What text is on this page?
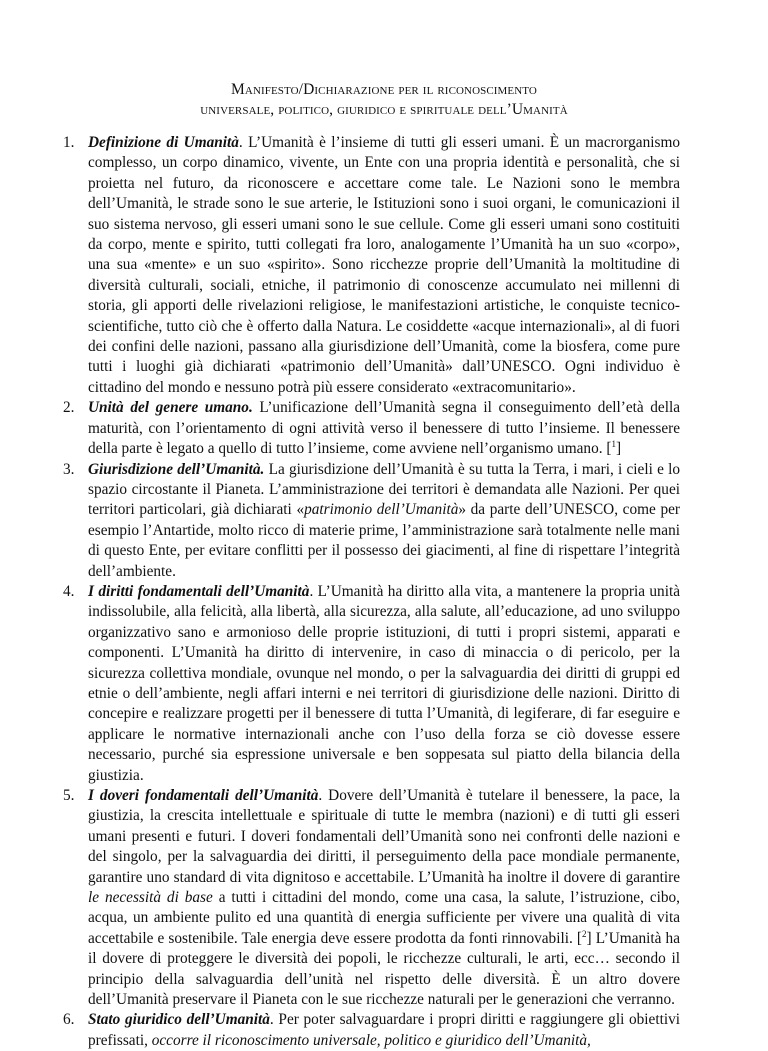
Manifesto/Dichiarazione per il riconoscimento
universale, politico, giuridico e spirituale dell’Umanità
1. Definizione di Umanità. L’Umanità è l’insieme di tutti gli esseri umani. È un macrorganismo complesso, un corpo dinamico, vivente, un Ente con una propria identità e personalità, che si proietta nel futuro, da riconoscere e accettare come tale. Le Nazioni sono le membra dell’Umanità, le strade sono le sue arterie, le Istituzioni sono i suoi organi, le comunicazioni il suo sistema nervoso, gli esseri umani sono le sue cellule. Come gli esseri umani sono costituiti da corpo, mente e spirito, tutti collegati fra loro, analogamente l’Umanità ha un suo «corpo», una sua «mente» e un suo «spirito». Sono ricchezze proprie dell’Umanità la moltitudine di diversità culturali, sociali, etniche, il patrimonio di conoscenze accumulato nei millenni di storia, gli apporti delle rivelazioni religiose, le manifestazioni artistiche, le conquiste tecnico-scientifiche, tutto ciò che è offerto dalla Natura. Le cosiddette «acque internazionali», al di fuori dei confini delle nazioni, passano alla giurisdizione dell’Umanità, come la biosfera, come pure tutti i luoghi già dichiarati «patrimonio dell’Umanità» dall’UNESCO. Ogni individuo è cittadino del mondo e nessuno potrà più essere considerato «extracomunitario».
2. Unità del genere umano. L’unificazione dell’Umanità segna il conseguimento dell’età della maturità, con l’orientamento di ogni attività verso il benessere di tutto l’insieme. Il benessere della parte è legato a quello di tutto l’insieme, come avviene nell’organismo umano. [$^1$]
3. Giurisdizione dell’Umanità. La giurisdizione dell’Umanità è su tutta la Terra, i mari, i cieli e lo spazio circostante il Pianeta. L’amministrazione dei territori è demandata alle Nazioni. Per quei territori particolari, già dichiarati «patrimonio dell’Umanità» da parte dell’UNESCO, come per esempio l’Antartide, molto ricco di materie prime, l’amministrazione sarà totalmente nelle mani di questo Ente, per evitare conflitti per il possesso dei giacimenti, al fine di rispettare l’integrità dell’ambiente.
4. I diritti fondamentali dell’Umanità. L’Umanità ha diritto alla vita, a mantenere la propria unità indissolubile, alla felicità, alla libertà, alla sicurezza, alla salute, all’educazione, ad uno sviluppo organizzativo sano e armonioso delle proprie istituzioni, di tutti i propri sistemi, apparati e componenti. L’Umanità ha diritto di intervenire, in caso di minaccia o di pericolo, per la sicurezza collettiva mondiale, ovunque nel mondo, o per la salvaguardia dei diritti di gruppi ed etnie o dell’ambiente, negli affari interni e nei territori di giurisdizione delle nazioni. Diritto di concepire e realizzare progetti per il benessere di tutta l’Umanità, di legiferare, di far eseguire e applicare le normative internazionali anche con l’uso della forza se ciò dovesse essere necessario, purché sia espressione universale e ben soppesata sul piatto della bilancia della giustizia.
5. I doveri fondamentali dell’Umanità. Dovere dell’Umanità è tutelare il benessere, la pace, la giustizia, la crescita intellettuale e spirituale di tutte le membra (nazioni) e di tutti gli esseri umani presenti e futuri. I doveri fondamentali dell’Umanità sono nei confronti delle nazioni e del singolo, per la salvaguardia dei diritti, il perseguimento della pace mondiale permanente, garantire uno standard di vita dignitoso e accettabile. L’Umanità ha inoltre il dovere di garantire le necessità di base a tutti i cittadini del mondo, come una casa, la salute, l’istruzione, cibo, acqua, un ambiente pulito ed una quantità di energia sufficiente per vivere una qualità di vita accettabile e sostenibile. Tale energia deve essere prodotta da fonti rinnovabili. [$^2$] L’Umanità ha il dovere di proteggere le diversità dei popoli, le ricchezze culturali, le arti, ecc… secondo il principio della salvaguardia dell’unità nel rispetto delle diversità. È un altro dovere dell’Umanità preservare il Pianeta con le sue ricchezze naturali per le generazioni che verranno.
6. Stato giuridico dell’Umanità. Per poter salvaguardare i propri diritti e raggiungere gli obiettivi prefissati, occorre il riconoscimento universale, politico e giuridico dell’Umanità,
